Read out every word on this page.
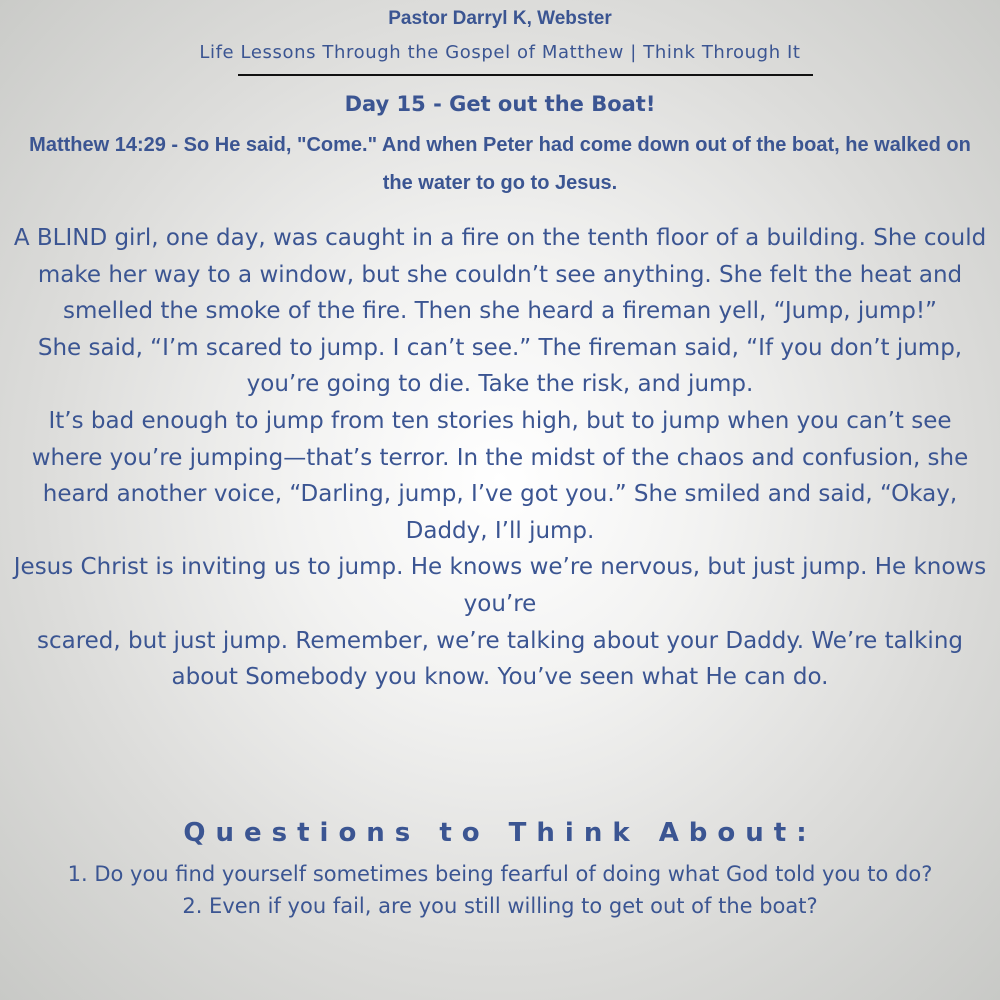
Pastor Darryl K, Webster
Life Lessons Through the Gospel of Matthew | Think Through It
Day 15 - Get out the Boat!
Matthew 14:29 - So He said, "Come." And when Peter had come down out of the boat, he walked on the water to go to Jesus.

A BLIND girl, one day, was caught in a fire on the tenth floor of a building. She could make her way to a window, but she couldn’t see anything. She felt the heat and smelled the smoke of the fire. Then she heard a fireman yell, “Jump, jump!”

She said, “I’m scared to jump. I can’t see.” The fireman said, “If you don’t jump, you’re going to die. Take the risk, and jump.

It’s bad enough to jump from ten stories high, but to jump when you can’t see where you’re jumping—that’s terror. In the midst of the chaos and confusion, she heard another voice, “Darling, jump, I’ve got you.” She smiled and said, “Okay, Daddy, I’ll jump.

Jesus Christ is inviting us to jump. He knows we’re nervous, but just jump. He knows you’re

scared, but just jump. Remember, we’re talking about your Daddy. We’re talking about Somebody you know. You’ve seen what He can do.

Questions to Think About:

1. Do you find yourself sometimes being fearful of doing what God told you to do?

2. Even if you fail, are you still willing to get out of the boat?
